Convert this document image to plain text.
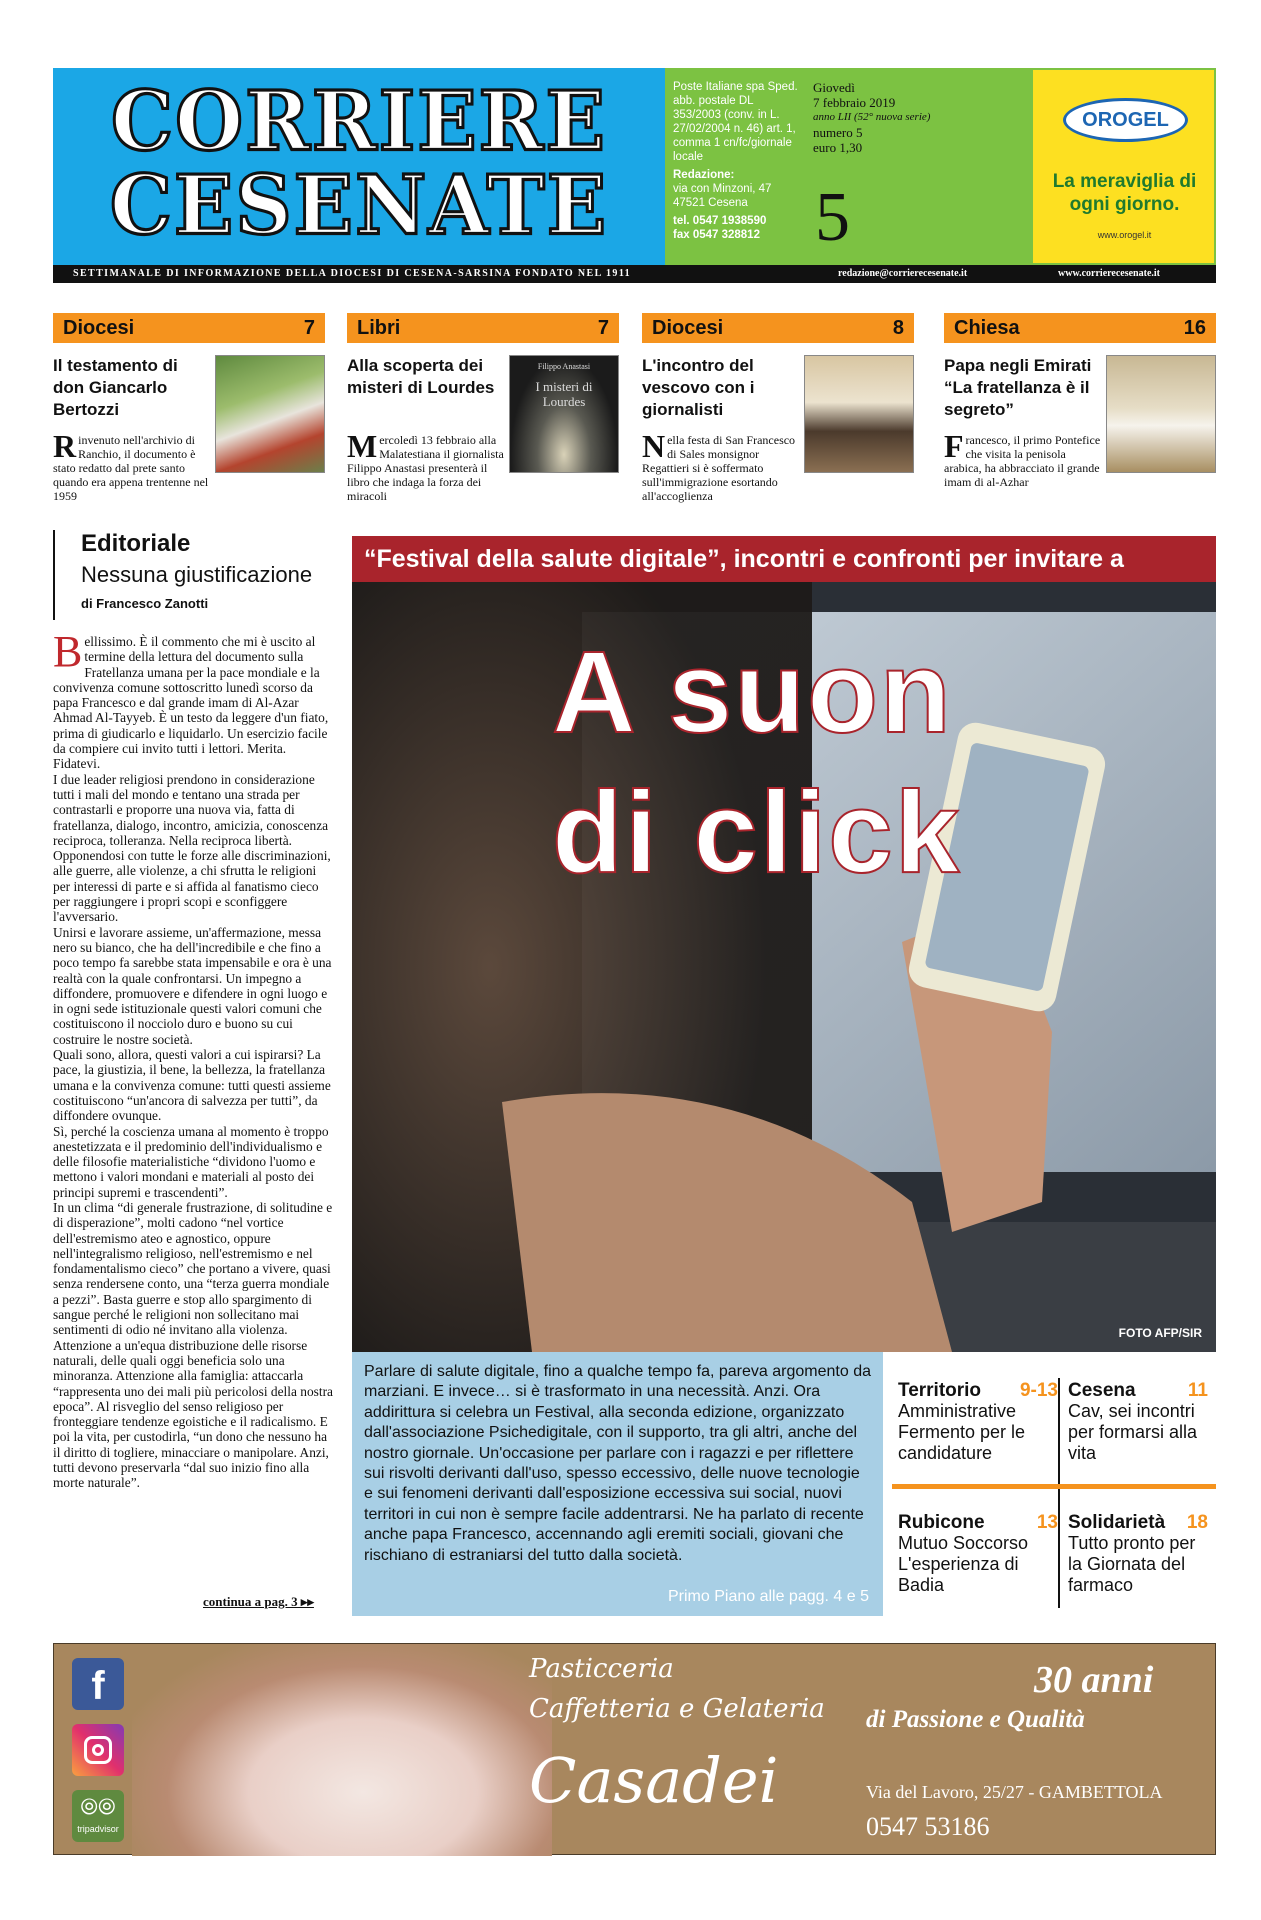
CORRIERE
CESENATE
Poste Italiane spa Sped. abb. postale DL 353/2003 (conv. in L. 27/02/2004 n. 46) art. 1, comma 1 cn/fc/giornale locale
Redazione:
via con Minzoni, 47 47521 Cesena
tel. 0547 1938590
fax 0547 328812
Giovedì
7 febbraio 2019
anno LII (52° nuova serie)
numero 5
euro 1,30
5
OROGEL
La meraviglia di ogni giorno.
www.orogel.it
SETTIMANALE DI INFORMAZIONE DELLA DIOCESI DI CESENA-SARSINA FONDATO NEL 1911	redazione@corrierecesenate.it	www.corrierecesenate.it
Diocesi	7
Il testamento di don Giancarlo Bertozzi
Rinvenuto nell'archivio di Ranchio, il documento è stato redatto dal prete santo quando era appena trentenne nel 1959
Libri	7
Alla scoperta dei misteri di Lourdes
Filippo Anastasi
I misteri di Lourdes
Mercoledì 13 febbraio alla Malatestiana il giornalista Filippo Anastasi presenterà il libro che indaga la forza dei miracoli
Diocesi	8
L'incontro del vescovo con i giornalisti
Nella festa di San Francesco di Sales monsignor Regattieri si è soffermato sull'immigrazione esortando all'accoglienza
Chiesa	16
Papa negli Emirati “La fratellanza è il segreto”
Francesco, il primo Pontefice che visita la penisola arabica, ha abbracciato il grande imam di al-Azhar
Editoriale
Nessuna giustificazione
di Francesco Zanotti

Bellissimo. È il commento che mi è uscito al termine della lettura del documento sulla Fratellanza umana per la pace mondiale e la convivenza comune sottoscritto lunedì scorso da papa Francesco e dal grande imam di Al-Azar Ahmad Al-Tayyeb. È un testo da leggere d'un fiato, prima di giudicarlo e liquidarlo. Un esercizio facile da compiere cui invito tutti i lettori. Merita. Fidatevi.

I due leader religiosi prendono in considerazione tutti i mali del mondo e tentano una strada per contrastarli e proporre una nuova via, fatta di fratellanza, dialogo, incontro, amicizia, conoscenza reciproca, tolleranza. Nella reciproca libertà.

Opponendosi con tutte le forze alle discriminazioni, alle guerre, alle violenze, a chi sfrutta le religioni per interessi di parte e si affida al fanatismo cieco per raggiungere i propri scopi e sconfiggere l'avversario.

Unirsi e lavorare assieme, un'affermazione, messa nero su bianco, che ha dell'incredibile e che fino a poco tempo fa sarebbe stata impensabile e ora è una realtà con la quale confrontarsi. Un impegno a diffondere, promuovere e difendere in ogni luogo e in ogni sede istituzionale questi valori comuni che costituiscono il nocciolo duro e buono su cui costruire le nostre società.

Quali sono, allora, questi valori a cui ispirarsi? La pace, la giustizia, il bene, la bellezza, la fratellanza umana e la convivenza comune: tutti questi assieme costituiscono “un'ancora di salvezza per tutti”, da diffondere ovunque.

Sì, perché la coscienza umana al momento è troppo anestetizzata e il predominio dell'individualismo e delle filosofie materialistiche “dividono l'uomo e mettono i valori mondani e materiali al posto dei principi supremi e trascendenti”.

In un clima “di generale frustrazione, di solitudine e di disperazione”, molti cadono “nel vortice dell'estremismo ateo e agnostico, oppure nell'integralismo religioso, nell'estremismo e nel fondamentalismo cieco” che portano a vivere, quasi senza rendersene conto, una “terza guerra mondiale a pezzi”. Basta guerre e stop allo spargimento di sangue perché le religioni non sollecitano mai sentimenti di odio né invitano alla violenza.

Attenzione a un'equa distribuzione delle risorse naturali, delle quali oggi beneficia solo una minoranza. Attenzione alla famiglia: attaccarla “rappresenta uno dei mali più pericolosi della nostra epoca”. Al risveglio del senso religioso per fronteggiare tendenze egoistiche e il radicalismo. E poi la vita, per custodirla, “un dono che nessuno ha il diritto di togliere, minacciare o manipolare. Anzi, tutti devono preservarla “dal suo inizio fino alla morte naturale”.

continua a pag. 3 ▸▸
“Festival della salute digitale”, incontri e confronti per invitare a
A suon
di click
FOTO AFP/SIR
Parlare di salute digitale, fino a qualche tempo fa, pareva argomento da marziani. E invece… si è trasformato in una necessità. Anzi. Ora addirittura si celebra un Festival, alla seconda edizione, organizzato dall'associazione Psichedigitale, con il supporto, tra gli altri, anche del nostro giornale. Un'occasione per parlare con i ragazzi e per riflettere sui risvolti derivanti dall'uso, spesso eccessivo, delle nuove tecnologie e sui fenomeni derivanti dall'esposizione eccessiva sui social, nuovi territori in cui non è sempre facile addentrarsi. Ne ha parlato di recente anche papa Francesco, accennando agli eremiti sociali, giovani che rischiano di estraniarsi del tutto dalla società.
Primo Piano alle pagg. 4 e 5
Territorio 9-13
Amministrative Fermento per le candidature
Cesena	11
Cav, sei incontri per formarsi alla vita
Rubicone	13
Mutuo Soccorso L'esperienza di Badia
Solidarietà 18
Tutto pronto per la Giornata del farmaco
f
⦾⦾
tripadvisor
Pasticceria
Caffetteria e Gelateria
Casadei
30 anni
di Passione e Qualità
Via del Lavoro, 25/27 - GAMBETTOLA
0547 53186
